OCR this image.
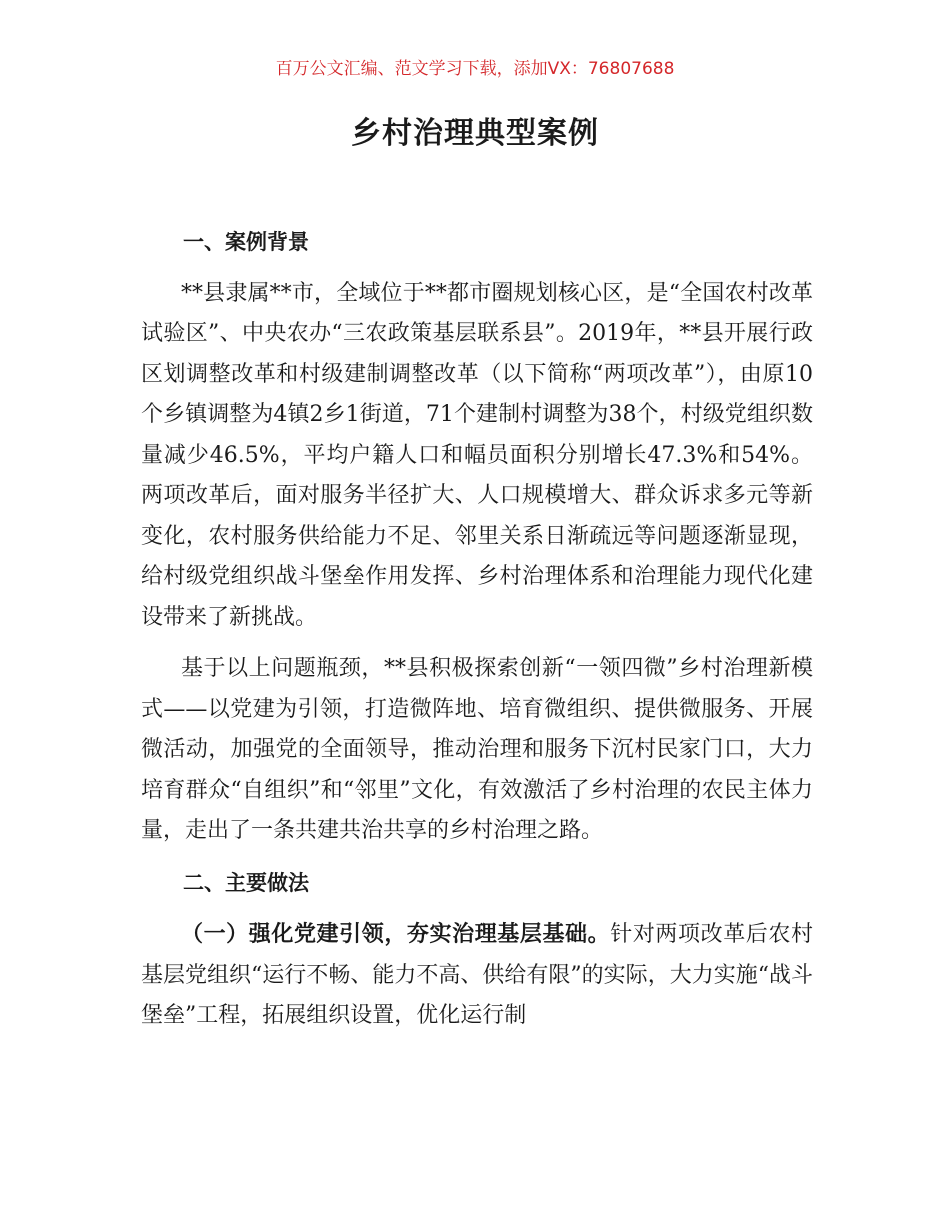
百万公文汇编、范文学习下载，添加VX：76807688
乡村治理典型案例

一、案例背景

**县隶属**市，全域位于**都市圈规划核心区，是“全国农村改革试验区”、中央农办“三农政策基层联系县”。2019年，**县开展行政区划调整改革和村级建制调整改革（以下简称“两项改革”），由原10个乡镇调整为4镇2乡1街道，71个建制村调整为38个，村级党组织数量减少46.5%，平均户籍人口和幅员面积分别增长47.3%和54%。两项改革后，面对服务半径扩大、人口规模增大、群众诉求多元等新变化，农村服务供给能力不足、邻里关系日渐疏远等问题逐渐显现，给村级党组织战斗堡垒作用发挥、乡村治理体系和治理能力现代化建设带来了新挑战。

基于以上问题瓶颈，**县积极探索创新“一领四微”乡村治理新模式——以党建为引领，打造微阵地、培育微组织、提供微服务、开展微活动，加强党的全面领导，推动治理和服务下沉村民家门口，大力培育群众“自组织”和“邻里”文化，有效激活了乡村治理的农民主体力量，走出了一条共建共治共享的乡村治理之路。

二、主要做法

（一）强化党建引领，夯实治理基层基础。针对两项改革后农村基层党组织“运行不畅、能力不高、供给有限”的实际，大力实施“战斗堡垒”工程，拓展组织设置，优化运行制
